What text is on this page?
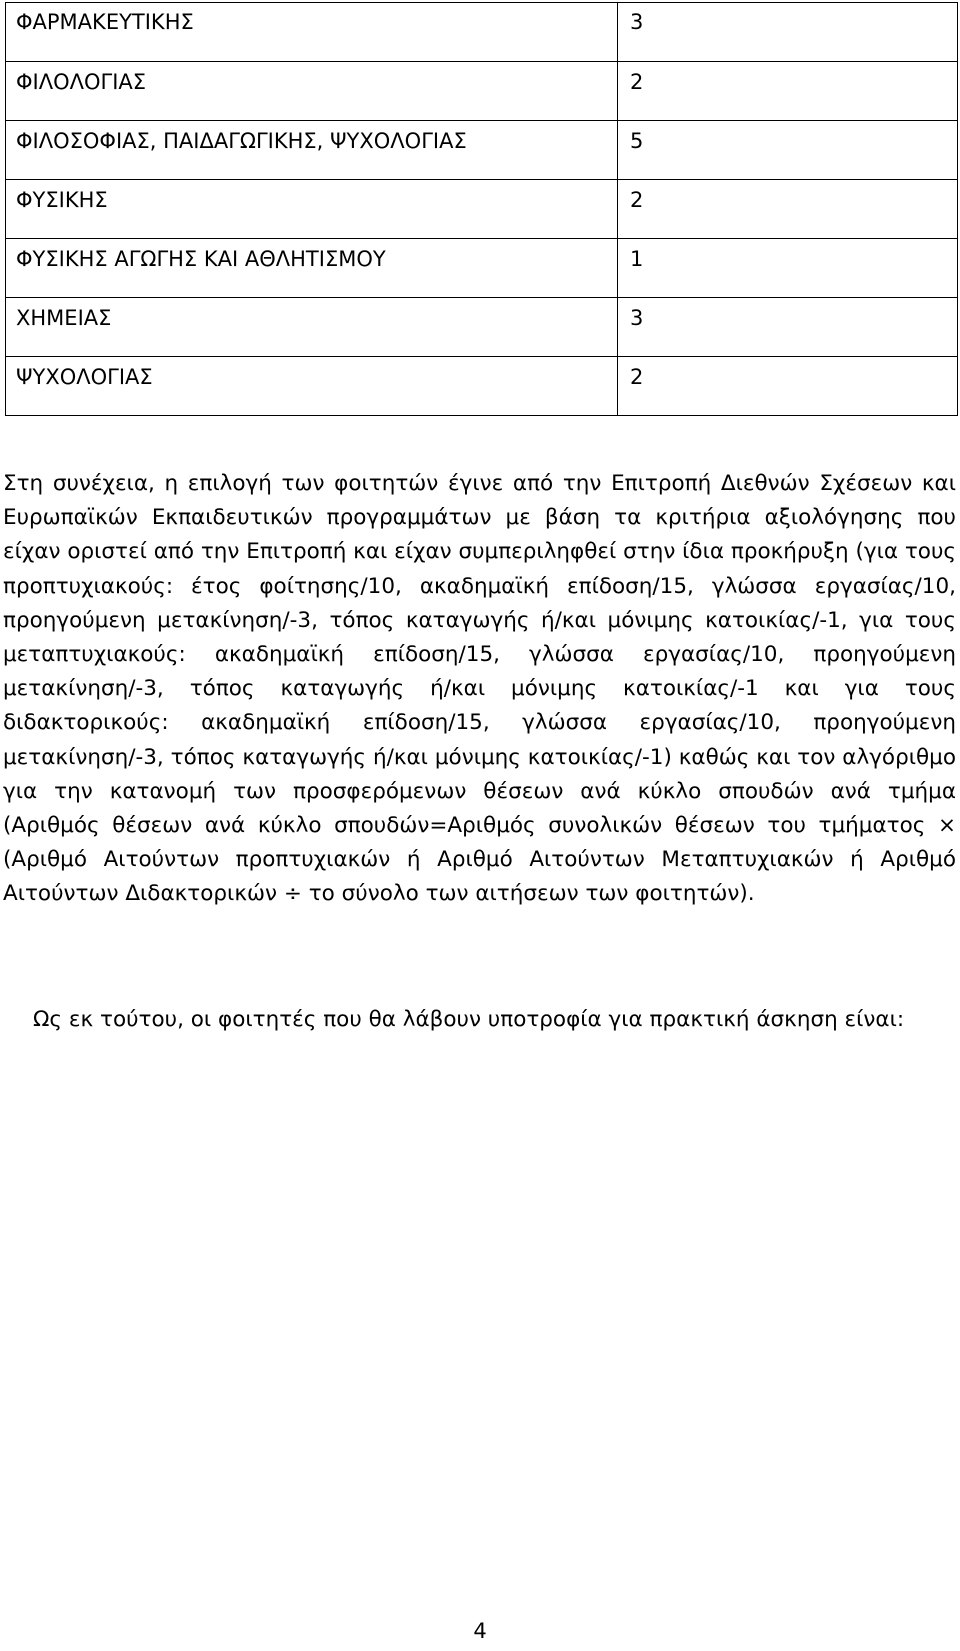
ΦΑΡΜΑΚΕΥΤΙΚΗΣ	3
ΦΙΛΟΛΟΓΙΑΣ	2
ΦΙΛΟΣΟΦΙΑΣ, ΠΑΙΔΑΓΩΓΙΚΗΣ, ΨΥΧΟΛΟΓΙΑΣ	5
ΦΥΣΙΚΗΣ	2
ΦΥΣΙΚΗΣ ΑΓΩΓΗΣ ΚΑΙ ΑΘΛΗΤΙΣΜΟΥ	1
ΧΗΜΕΙΑΣ	3
ΨΥΧΟΛΟΓΙΑΣ	2

Στη συνέχεια, η επιλογή των φοιτητών έγινε από την Επιτροπή Διεθνών Σχέσεων και Ευρωπαϊκών Εκπαιδευτικών προγραμμάτων με βάση τα κριτήρια αξιολόγησης που είχαν οριστεί από την Επιτροπή και είχαν συμπεριληφθεί στην ίδια προκήρυξη (για τους προπτυχιακούς: έτος φοίτησης/10, ακαδημαϊκή επίδοση/15, γλώσσα εργασίας/10, προηγούμενη μετακίνηση/-3, τόπος καταγωγής ή/και μόνιμης κατοικίας/-1, για τους μεταπτυχιακούς: ακαδημαϊκή επίδοση/15, γλώσσα εργασίας/10, προηγούμενη μετακίνηση/-3, τόπος καταγωγής ή/και μόνιμης κατοικίας/-1 και για τους διδακτορικούς: ακαδημαϊκή επίδοση/15, γλώσσα εργασίας/10, προηγούμενη μετακίνηση/-3, τόπος καταγωγής ή/και μόνιμης κατοικίας/-1) καθώς και τον αλγόριθμο για την κατανομή των προσφερόμενων θέσεων ανά κύκλο σπουδών ανά τμήμα (Αριθμός θέσεων ανά κύκλο σπουδών=Αριθμός συνολικών θέσεων του τμήματος × (Αριθμό Αιτούντων προπτυχιακών ή Αριθμό Αιτούντων Μεταπτυχιακών ή Αριθμό Αιτούντων Διδακτορικών ÷ το σύνολο των αιτήσεων των φοιτητών).

Ως εκ τούτου, οι φοιτητές που θα λάβουν υποτροφία για πρακτική άσκηση είναι:

4
